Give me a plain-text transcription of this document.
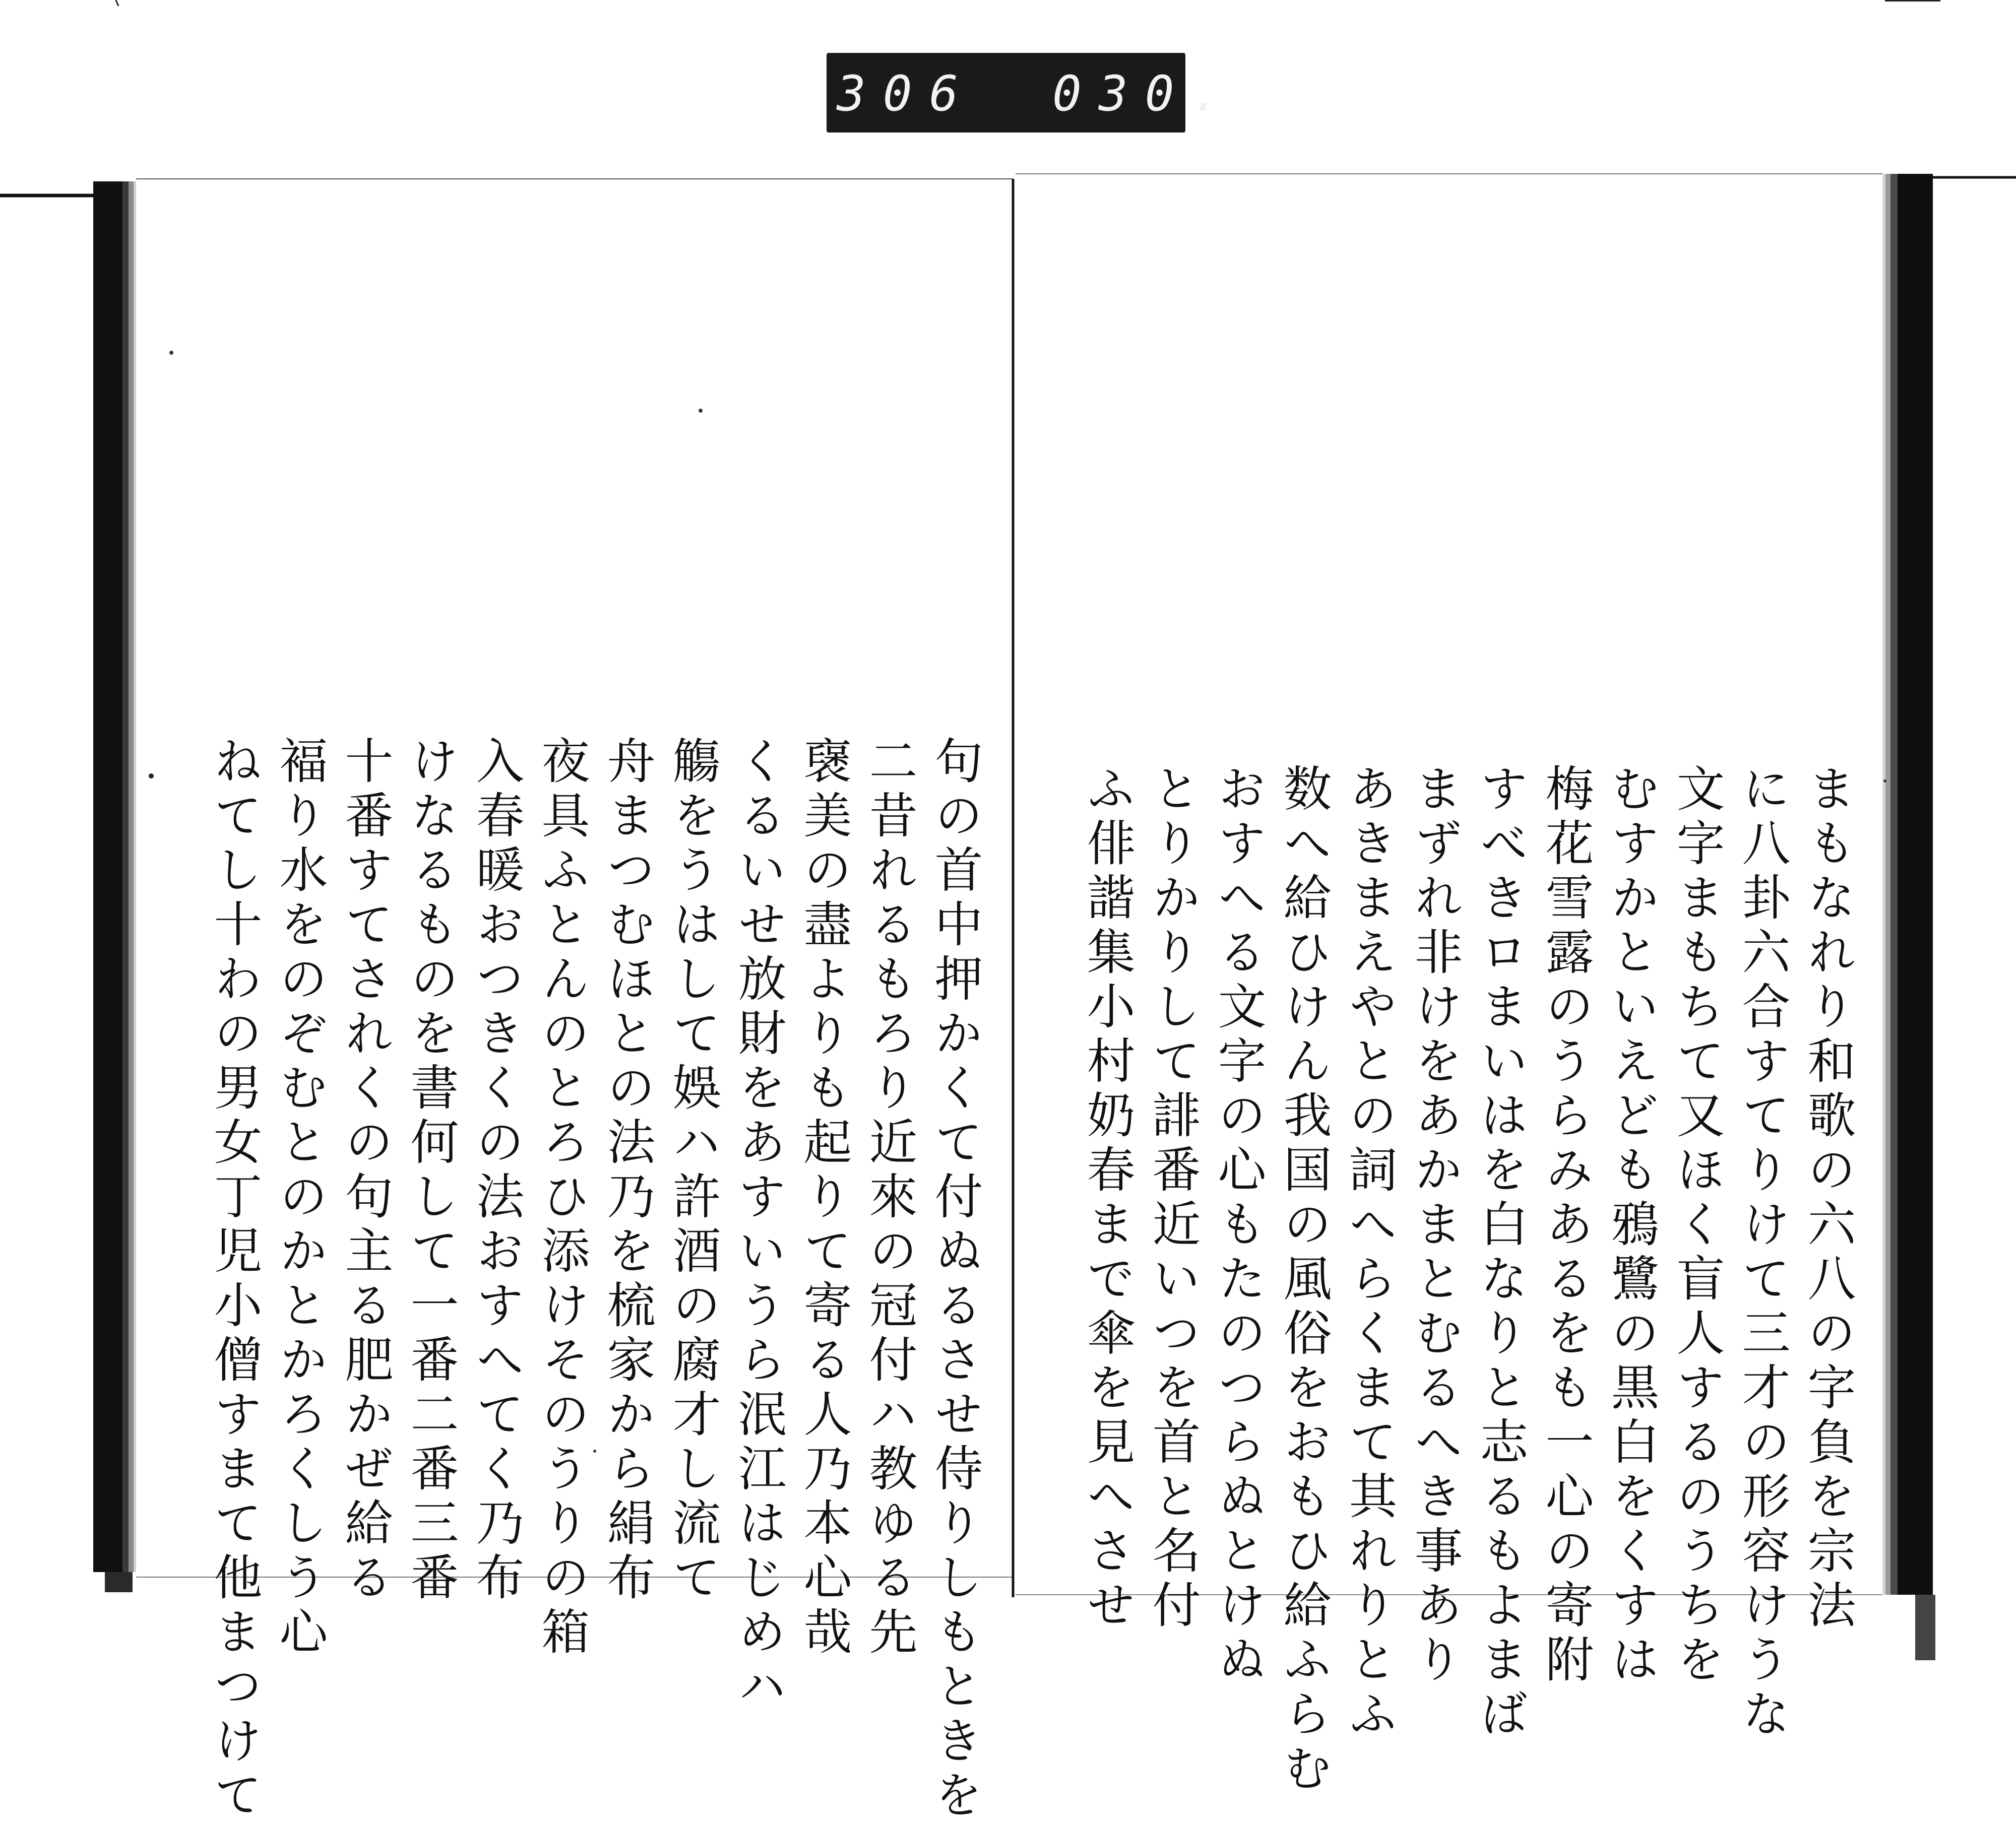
306 030.
まもなれり和歌の六八の字負を宗法
に八卦六合すてりけて三才の形容けうな
文字まもちて又ほく盲人するのうちを
むすかといえども鴉鷺の黒白をくすは
梅花雪露のうらみあるをも一心の寄附
すべきロまいはを白なりと志るもよまば
まずれ非けをあかまとむるへき事あり
あきまえやとの詞へらくまて其れりとふ
数へ給ひけん我国の風俗をおもひ給ふらむ
おすへる文字の心もたのつらぬとけぬ
とりかりして誹番近いつを首と名付
ふ俳諧集小村奶春まで傘を見へさせ
句の首中押かくて付ぬるさせ侍りしもときを
二昔れるもろり近來の冠付ハ教ゆる先
襃美の盡よりも起りて寄る人乃本心哉
くるいせ放財をあすいうら泯江はじめハ
觴をうはして娛ハ許酒の腐才し流て
舟まつむほとの法乃を梳家から絹布
夜具ふとんのとろひ添けそのうりの箱
入春暖おつきくの法おすへてく乃布
けなるものを書何して一番二番三番
十番すてされくの句主る肥かぜ給る
褔り水をのぞむとのかとかろくしう心
ねてし十わの男女丁児小僧すまて他まつけて
